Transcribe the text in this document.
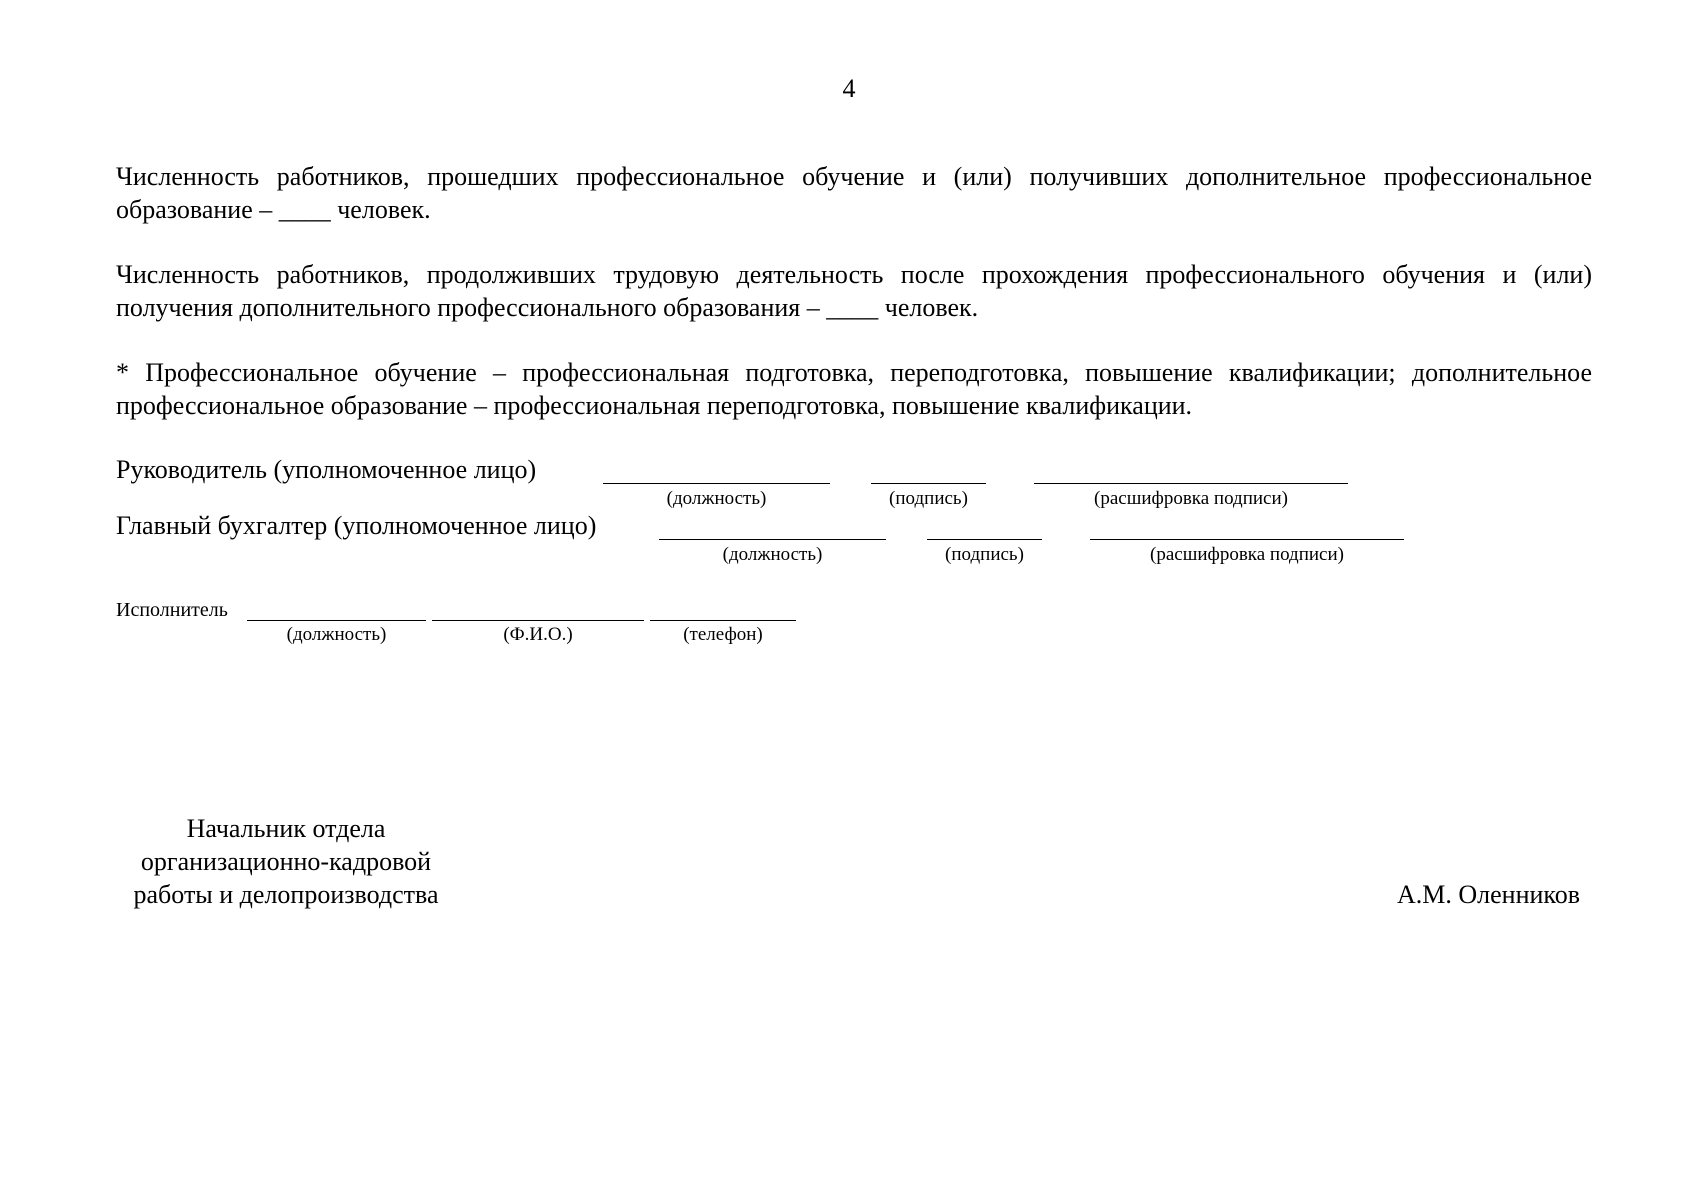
4

Численность работников, прошедших профессиональное обучение и (или) получивших дополнительное профессиональное образование – ____ человек.

Численность работников, продолживших трудовую деятельность после прохождения профессионального обучения и (или) получения дополнительного профессионального образования – ____ человек.

* Профессиональное обучение – профессиональная подготовка, переподготовка, повышение квалификации; дополнительное профессиональное образование – профессиональная переподготовка, повышение квалификации.

Руководитель (уполномоченное лицо)
(должность)	(подпись)	(расшифровка подписи)
Главный бухгалтер (уполномоченное лицо)
(должность)	(подпись)	(расшифровка подписи)
Исполнитель
(должность)	(Ф.И.О.)	(телефон)
Начальник отдела
организационно-кадровой
работы и делопроизводства	А.М. Оленников
